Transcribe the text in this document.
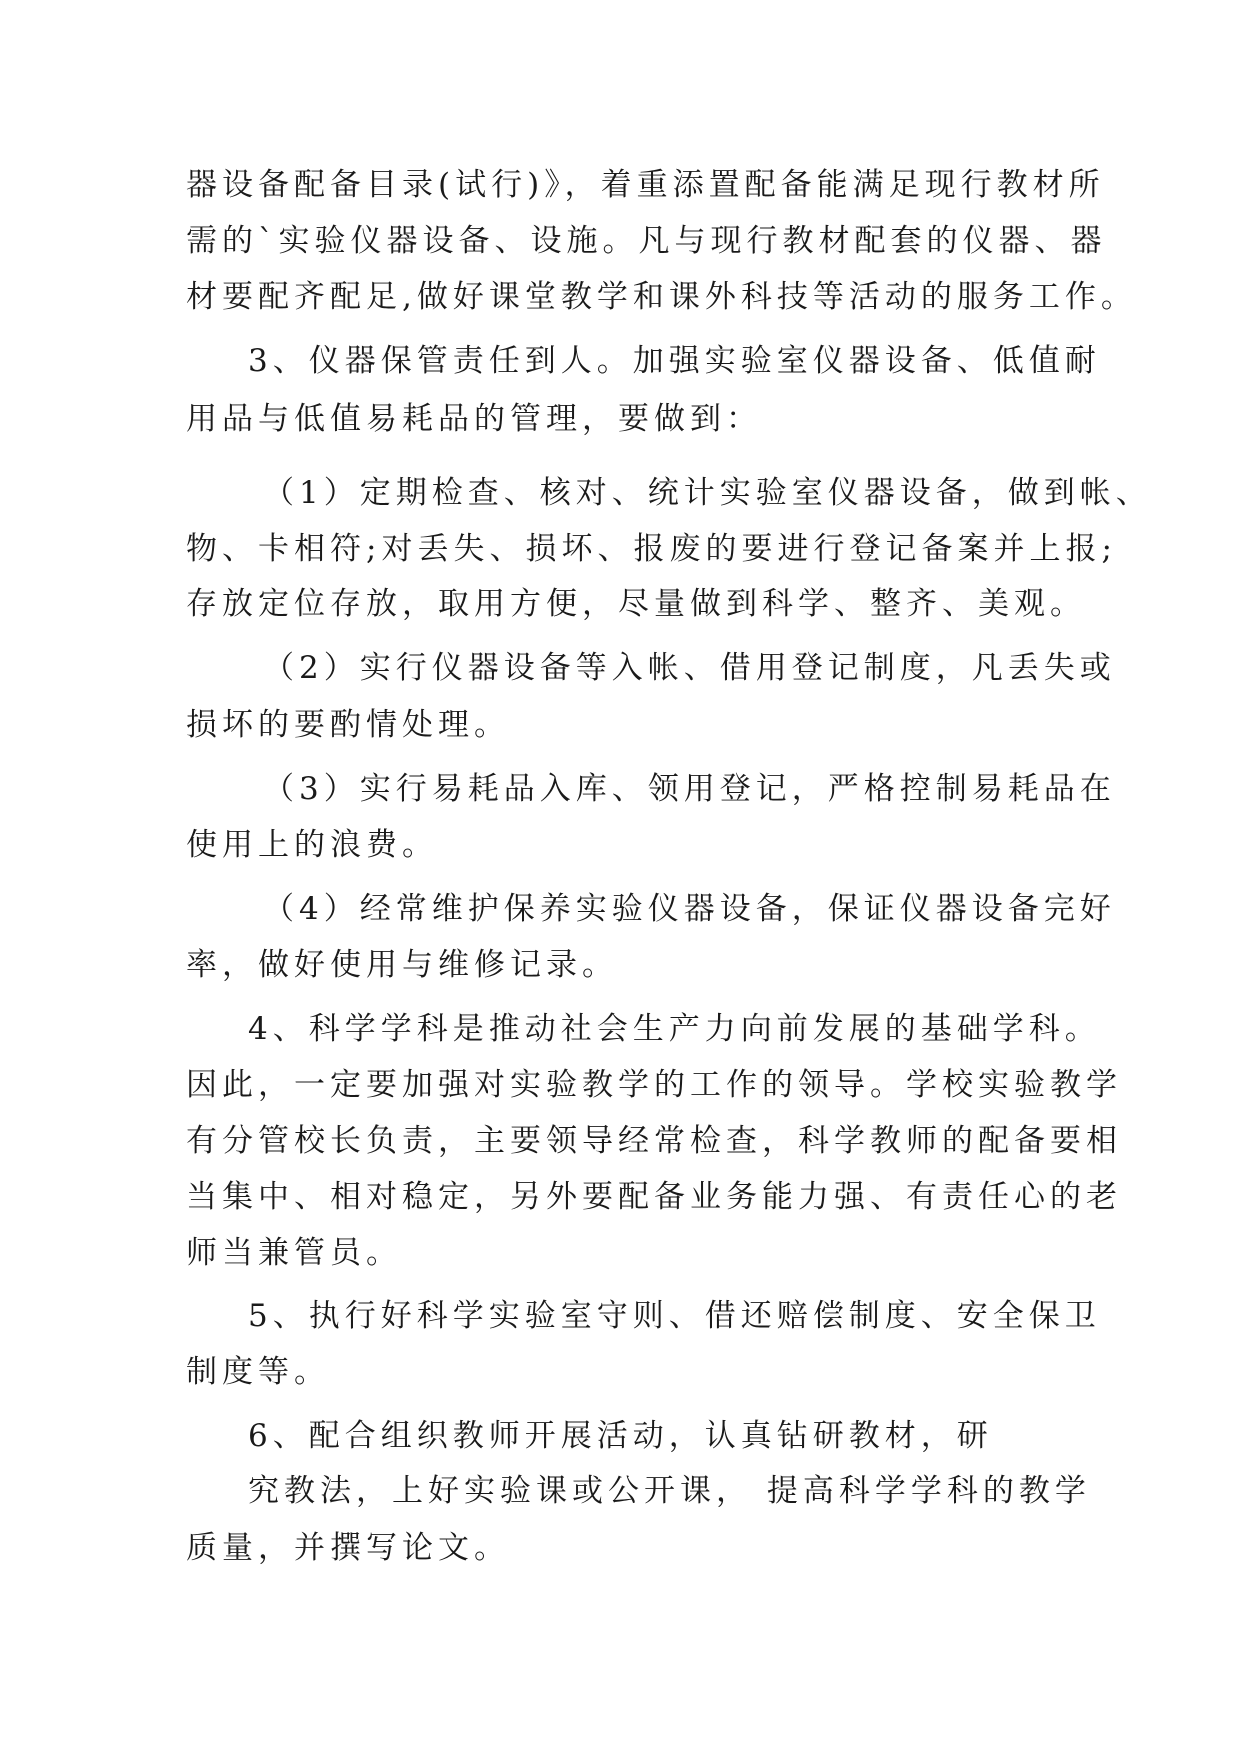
器设备配备目录(试行)》，着重添置配备能满足现行教材所
需的`实验仪器设备、设施。凡与现行教材配套的仪器、器
材要配齐配足,做好课堂教学和课外科技等活动的服务工作。
3、仪器保管责任到人。加强实验室仪器设备、低值耐
用品与低值易耗品的管理，要做到：
（1）定期检查、核对、统计实验室仪器设备，做到帐、
物、卡相符;对丢失、损坏、报废的要进行登记备案并上报;
存放定位存放，取用方便，尽量做到科学、整齐、美观。
（2）实行仪器设备等入帐、借用登记制度，凡丢失或
损坏的要酌情处理。
（3）实行易耗品入库、领用登记，严格控制易耗品在
使用上的浪费。
（4）经常维护保养实验仪器设备，保证仪器设备完好
率，做好使用与维修记录。
4、科学学科是推动社会生产力向前发展的基础学科。
因此，一定要加强对实验教学的工作的领导。学校实验教学
有分管校长负责，主要领导经常检查，科学教师的配备要相
当集中、相对稳定，另外要配备业务能力强、有责任心的老
师当兼管员。
5、执行好科学实验室守则、借还赔偿制度、安全保卫
制度等。
6、配合组织教师开展活动，认真钻研教材，研
究教法，上好实验课或公开课， 提高科学学科的教学
质量，并撰写论文。
